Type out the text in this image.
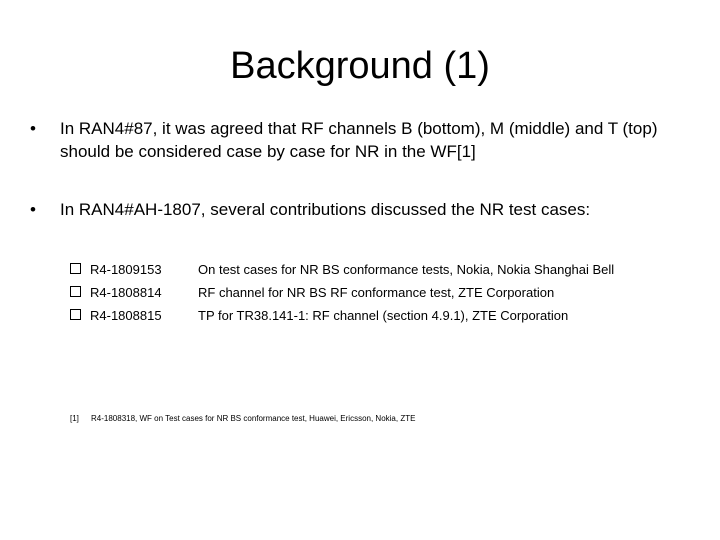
Background (1)
•	In RAN4#87, it was agreed that RF channels B (bottom), M (middle) and T (top) should be considered case by case for NR in the WF[1]
•	In RAN4#AH-1807, several contributions discussed the NR test cases:
R4-1809153	On test cases for NR BS conformance tests, Nokia, Nokia Shanghai Bell
R4-1808814	RF channel for NR BS RF conformance test, ZTE Corporation
R4-1808815	TP for TR38.141-1: RF channel (section 4.9.1), ZTE Corporation
[1] R4-1808318, WF on Test cases for NR BS conformance test, Huawei, Ericsson, Nokia, ZTE
